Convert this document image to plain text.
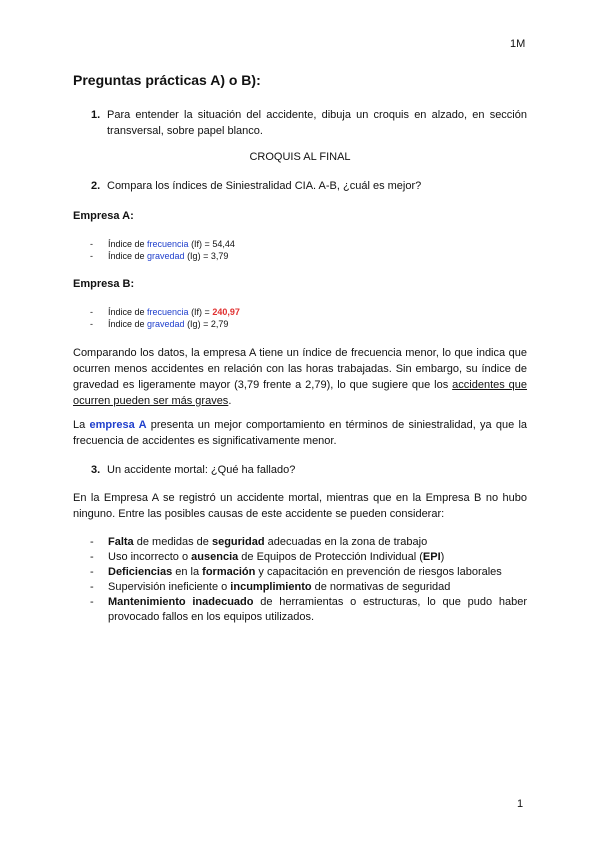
1M
Preguntas prácticas A) o B):
1. Para entender la situación del accidente, dibuja un croquis en alzado, en sección transversal, sobre papel blanco.
CROQUIS AL FINAL
2. Compara los índices de Siniestralidad CIA. A-B, ¿cuál es mejor?
Empresa A:
- Índice de frecuencia (If) = 54,44
- Índice de gravedad (Ig) = 3,79
Empresa B:
- Índice de frecuencia (If) = 240,97
- Índice de gravedad (Ig) = 2,79
Comparando los datos, la empresa A tiene un índice de frecuencia menor, lo que indica que ocurren menos accidentes en relación con las horas trabajadas. Sin embargo, su índice de gravedad es ligeramente mayor (3,79 frente a 2,79), lo que sugiere que los accidentes que ocurren pueden ser más graves.
La empresa A presenta un mejor comportamiento en términos de siniestralidad, ya que la frecuencia de accidentes es significativamente menor.
3. Un accidente mortal: ¿Qué ha fallado?
En la Empresa A se registró un accidente mortal, mientras que en la Empresa B no hubo ninguno. Entre las posibles causas de este accidente se pueden considerar:
- Falta de medidas de seguridad adecuadas en la zona de trabajo
- Uso incorrecto o ausencia de Equipos de Protección Individual (EPI)
- Deficiencias en la formación y capacitación en prevención de riesgos laborales
- Supervisión ineficiente o incumplimiento de normativas de seguridad
- Mantenimiento inadecuado de herramientas o estructuras, lo que pudo haber provocado fallos en los equipos utilizados.
1
